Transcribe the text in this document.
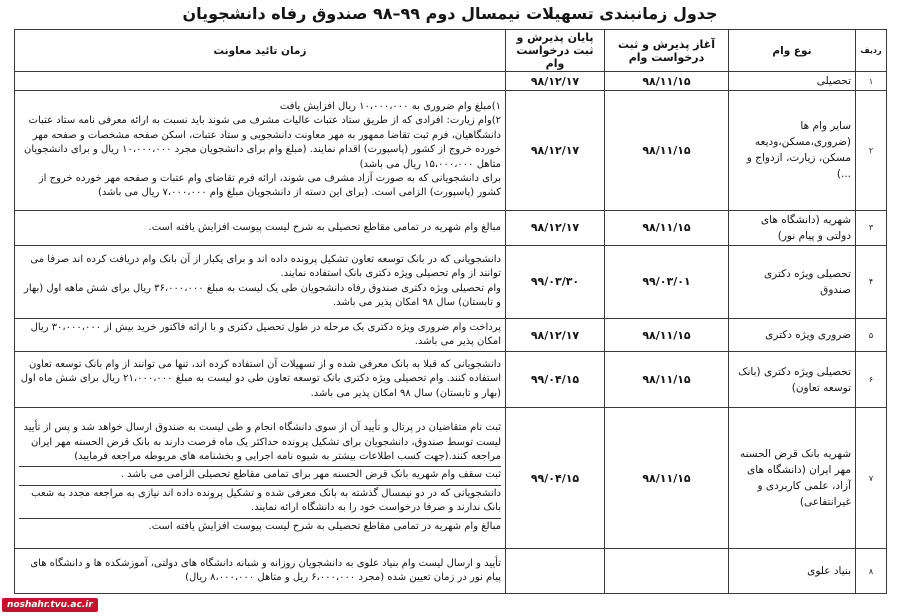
جدول زمانبندی تسهیلات نیمسال دوم ۹۹–۹۸ صندوق رفاه دانشجویان
ردیف	نوع وام	آغاز پذیرش و ثبت درخواست وام	پایان پذیرش و ثبت درخواست وام	زمان تائید معاونت
۱	تحصیلی	۹۸/۱۱/۱۵	۹۸/۱۲/۱۷	
۲	سایر وام ها (ضروری،مسکن،ودیعه مسکن، زیارت، ازدواج و ...)	۹۸/۱۱/۱۵	۹۸/۱۲/۱۷	۱)مبلغ وام ضروری به ۱۰،۰۰۰،۰۰۰ ریال افزایش یافت

۲)وام زیارت: افرادی که از طریق ستاد عتبات عالیات مشرف می شوند باید نسبت به ارائه معرفی نامه ستاد عتبات دانشگاهیان، فرم ثبت تقاضا ممهور به مهر معاونت دانشجویی و ستاد عتبات، اسکن صفحه مشخصات و صفحه مهر خورده خروج از کشور (پاسپورت) اقدام نمایند. (مبلغ وام برای دانشجویان مجرد ۱۰،۰۰۰،۰۰۰ ریال و برای دانشجویان متاهل ۱۵،۰۰۰،۰۰۰ ریال می باشد)

برای دانشجویانی که به صورت آزاد مشرف می شوند، ارائه فرم تقاضای وام عتبات و صفحه مهر خورده خروج از کشور (پاسپورت) الزامی است. (برای این دسته از دانشجویان مبلغ وام ۷،۰۰۰،۰۰۰ ریال می باشد)

۳	شهریه (دانشگاه های دولتی و پیام نور)	۹۸/۱۱/۱۵	۹۸/۱۲/۱۷	مبالغ وام شهریه در تمامی مقاطع تحصیلی به شرح لیست پیوست افزایش یافته است.

۴	تحصیلی ویژه دکتری صندوق	۹۹/۰۳/۰۱	۹۹/۰۳/۳۰	دانشجویانی که در بانک توسعه تعاون تشکیل پرونده داده اند و برای یکبار از آن بانک وام دریافت کرده اند صرفا می توانند از وام تحصیلی ویژه دکتری بانک استفاده نمایند.

وام تحصیلی ویژه دکتری صندوق رفاه دانشجویان طی یک لیست به مبلغ ۳۶،۰۰۰،۰۰۰ ریال برای شش ماهه اول (بهار و تابستان) سال ۹۸ امکان پذیر می باشد.

۵	ضروری ویژه دکتری	۹۸/۱۱/۱۵	۹۸/۱۲/۱۷	پرداخت وام ضروری ویژه دکتری یک مرحله در طول تحصیل دکتری و با ارائه فاکتور خرید بیش از ۳۰،۰۰۰،۰۰۰ ریال امکان پذیر می باشد.

۶	تحصیلی ویژه دکتری (بانک توسعه تعاون)	۹۸/۱۱/۱۵	۹۹/۰۴/۱۵	دانشجویانی که قبلا به بانک معرفی شده و از تسهیلات آن استفاده کرده اند، تنها می توانند از وام بانک توسعه تعاون استفاده کنند. وام تحصیلی ویژه دکتری بانک توسعه تعاون طی دو لیست به مبلغ ۲۱،۰۰۰،۰۰۰ ریال برای شش ماه اول (بهار و تابستان) سال ۹۸ امکان پذیر می باشد.

۷	شهریه بانک قرض الحسنه مهر ایران (دانشگاه های آزاد، علمی کاربردی و غیرانتفاعی)	۹۸/۱۱/۱۵	۹۹/۰۴/۱۵	ثبت نام متقاضیان در پرتال و تأیید آن از سوی دانشگاه انجام و طی لیست به صندوق ارسال خواهد شد و پس از تأیید لیست توسط صندوق، دانشجویان برای تشکیل پرونده حداکثر یک ماه فرصت دارند به بانک قرض الحسنه مهر ایران مراجعه کنند.(جهت کسب اطلاعات بیشتر به شیوه نامه اجرایی و بخشنامه های مربوطه مراجعه فرمایید)

ثبت سقف وام شهریه بانک قرض الحسنه مهر برای تمامی مقاطع تحصیلی الزامی می باشد .

دانشجویانی که در دو نیمسال گذشته به بانک معرفی شده و تشکیل پرونده داده اند نیازی به مراجعه مجدد به شعب بانک ندارند و صرفا درخواست خود را به دانشگاه ارائه نمایند.

مبالغ وام شهریه در تمامی مقاطع تحصیلی به شرح لیست پیوست افزایش یافته است.

۸	بنیاد علوی			تأیید و ارسال لیست وام بنیاد علوی به دانشجویان روزانه و شبانه دانشگاه های دولتی، آموزشکده ها و دانشگاه های پیام نور در زمان تعیین شده (مجرد ۶،۰۰۰،۰۰۰ ریل و متاهل ۸،۰۰۰،۰۰۰ ریال)

noshahr.tvu.ac.ir
